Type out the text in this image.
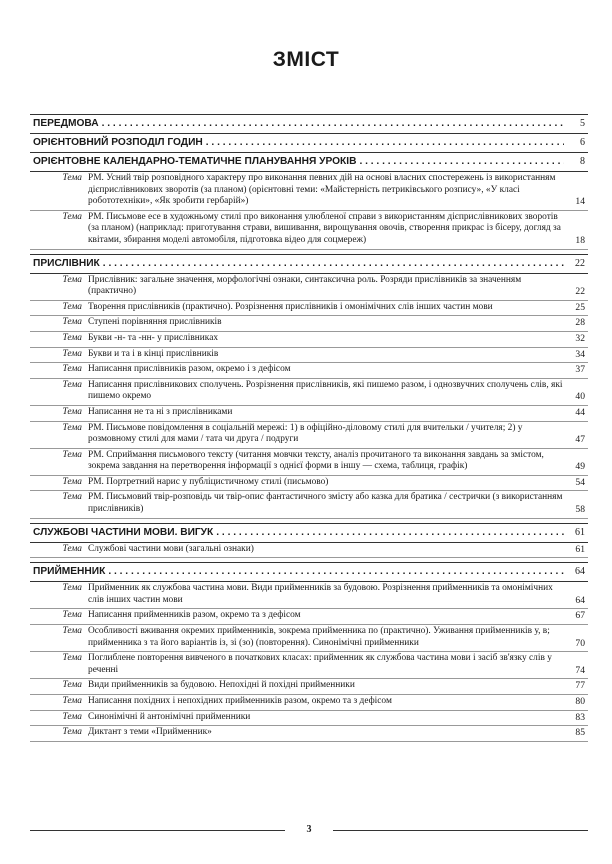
ЗМІСТ
ПЕРЕДМОВА . . .	5
ОРІЄНТОВНИЙ РОЗПОДІЛ ГОДИН . . .	6
ОРІЄНТОВНЕ КАЛЕНДАРНО-ТЕМАТИЧНЕ ПЛАНУВАННЯ УРОКІВ . . .	8
Тема РМ. Усний твір розповідного характеру про виконання певних дій на основі власних спостережень із використанням дієприслівникових зворотів (за планом) (орієнтовні теми: «Майстерність петриківського розпису», «У класі робототехніки», «Як зробити гербарій»)	14
Тема РМ. Письмове есе в художньому стилі про виконання улюбленої справи з використанням дієприслівникових зворотів (за планом) (наприклад: приготування страви, вишивання, вирощування овочів, створення прикрас із бісеру, догляд за квітами, збирання моделі автомобіля, підготовка відео для соцмереж)	18
ПРИСЛІВНИК . . .	22
Тема Прислівник: загальне значення, морфологічні ознаки, синтаксична роль. Розряди прислівників за значенням (практично)	22
Тема Творення прислівників (практично). Розрізнення прислівників і омонімічних слів інших частин мови	25
Тема Ступені порівняння прислівників	28
Тема Букви -н- та -нн- у прислівниках	32
Тема Букви и та і в кінці прислівників	34
Тема Написання прислівників разом, окремо і з дефісом	37
Тема Написання прислівникових сполучень. Розрізнення прислівників, які пишемо разом, і однозвучних сполучень слів, які пишемо окремо	40
Тема Написання не та ні з прислівниками	44
Тема РМ. Письмове повідомлення в соціальній мережі: 1) в офіційно-діловому стилі для вчительки / учителя; 2) у розмовному стилі для мами / тата чи друга / подруги	47
Тема РМ. Сприймання письмового тексту (читання мовчки тексту, аналіз прочитаного та виконання завдань за змістом, зокрема завдання на перетворення інформації з однієї форми в іншу — схема, таблиця, графік)	49
Тема РМ. Портретний нарис у публіцистичному стилі (письмово)	54
Тема РМ. Письмовий твір-розповідь чи твір-опис фантастичного змісту або казка для братика / сестрички (з використанням прислівників)	58
СЛУЖБОВІ ЧАСТИНИ МОВИ. ВИГУК . . .	61
Тема Службові частини мови (загальні ознаки)	61
ПРИЙМЕННИК . . .	64
Тема Прийменник як службова частина мови. Види прийменників за будовою. Розрізнення прийменників та омонімічних слів інших частин мови	64
Тема Написання прийменників разом, окремо та з дефісом	67
Тема Особливості вживання окремих прийменників, зокрема прийменника по (практично). Уживання прийменників у, в; прийменника з та його варіантів із, зі (зо) (повторення). Синонімічні прийменники	70
Тема Поглиблене повторення вивченого в початкових класах: прийменник як службова частина мови і засіб зв'язку слів у реченні	74
Тема Види прийменників за будовою. Непохідні й похідні прийменники	77
Тема Написання похідних і непохідних прийменників разом, окремо та з дефісом	80
Тема Синонімічні й антонімічні прийменники	83
Тема Диктант з теми «Прийменник»	85
3
